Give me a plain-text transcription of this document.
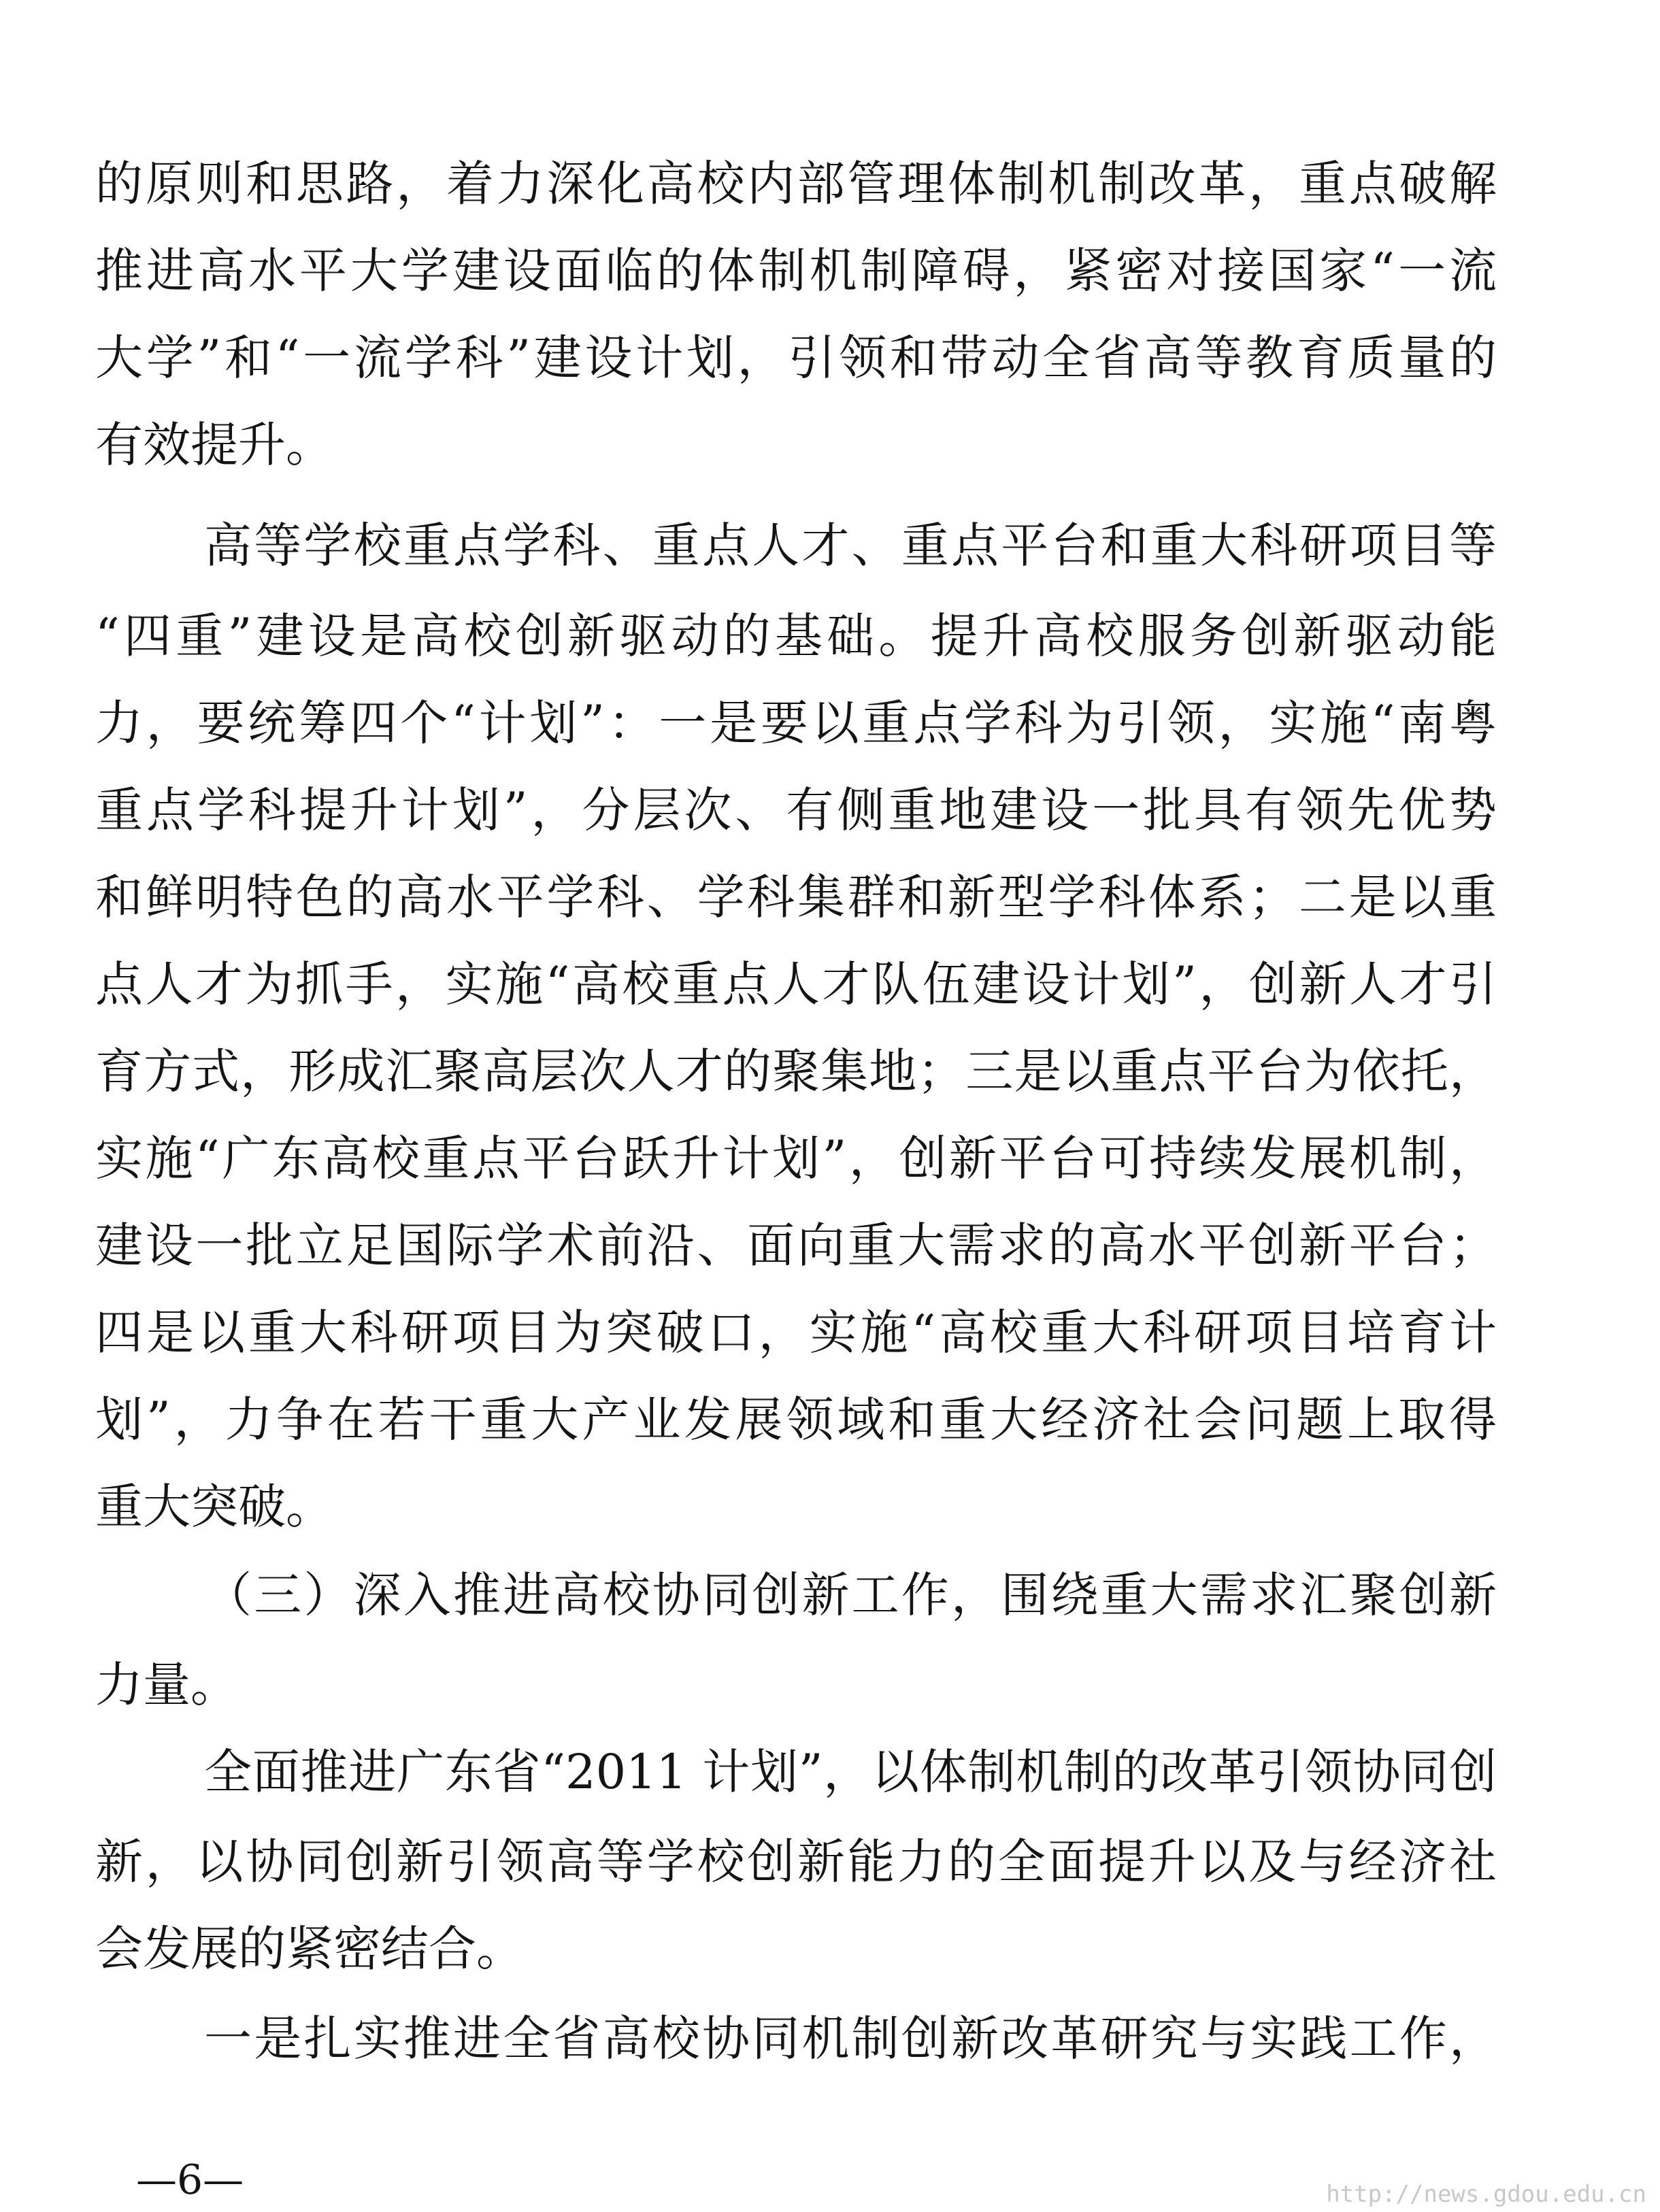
的原则和思路，着力深化高校内部管理体制机制改革，重点破解
推进高水平大学建设面临的体制机制障碍，紧密对接国家“一流
大学”和“一流学科”建设计划，引领和带动全省高等教育质量的
有效提升。
高等学校重点学科、重点人才、重点平台和重大科研项目等
“四重”建设是高校创新驱动的基础。提升高校服务创新驱动能
力，要统筹四个“计划”：一是要以重点学科为引领，实施“南粤
重点学科提升计划”，分层次、有侧重地建设一批具有领先优势
和鲜明特色的高水平学科、学科集群和新型学科体系；二是以重
点人才为抓手，实施“高校重点人才队伍建设计划”，创新人才引
育方式，形成汇聚高层次人才的聚集地；三是以重点平台为依托，
实施“广东高校重点平台跃升计划”，创新平台可持续发展机制，
建设一批立足国际学术前沿、面向重大需求的高水平创新平台；
四是以重大科研项目为突破口，实施“高校重大科研项目培育计
划”，力争在若干重大产业发展领域和重大经济社会问题上取得
重大突破。
（三）深入推进高校协同创新工作，围绕重大需求汇聚创新
力量。
全面推进广东省“2011 计划”，以体制机制的改革引领协同创
新，以协同创新引领高等学校创新能力的全面提升以及与经济社
会发展的紧密结合。
一是扎实推进全省高校协同机制创新改革研究与实践工作，
—6—	http://news.gdou.edu.cn
